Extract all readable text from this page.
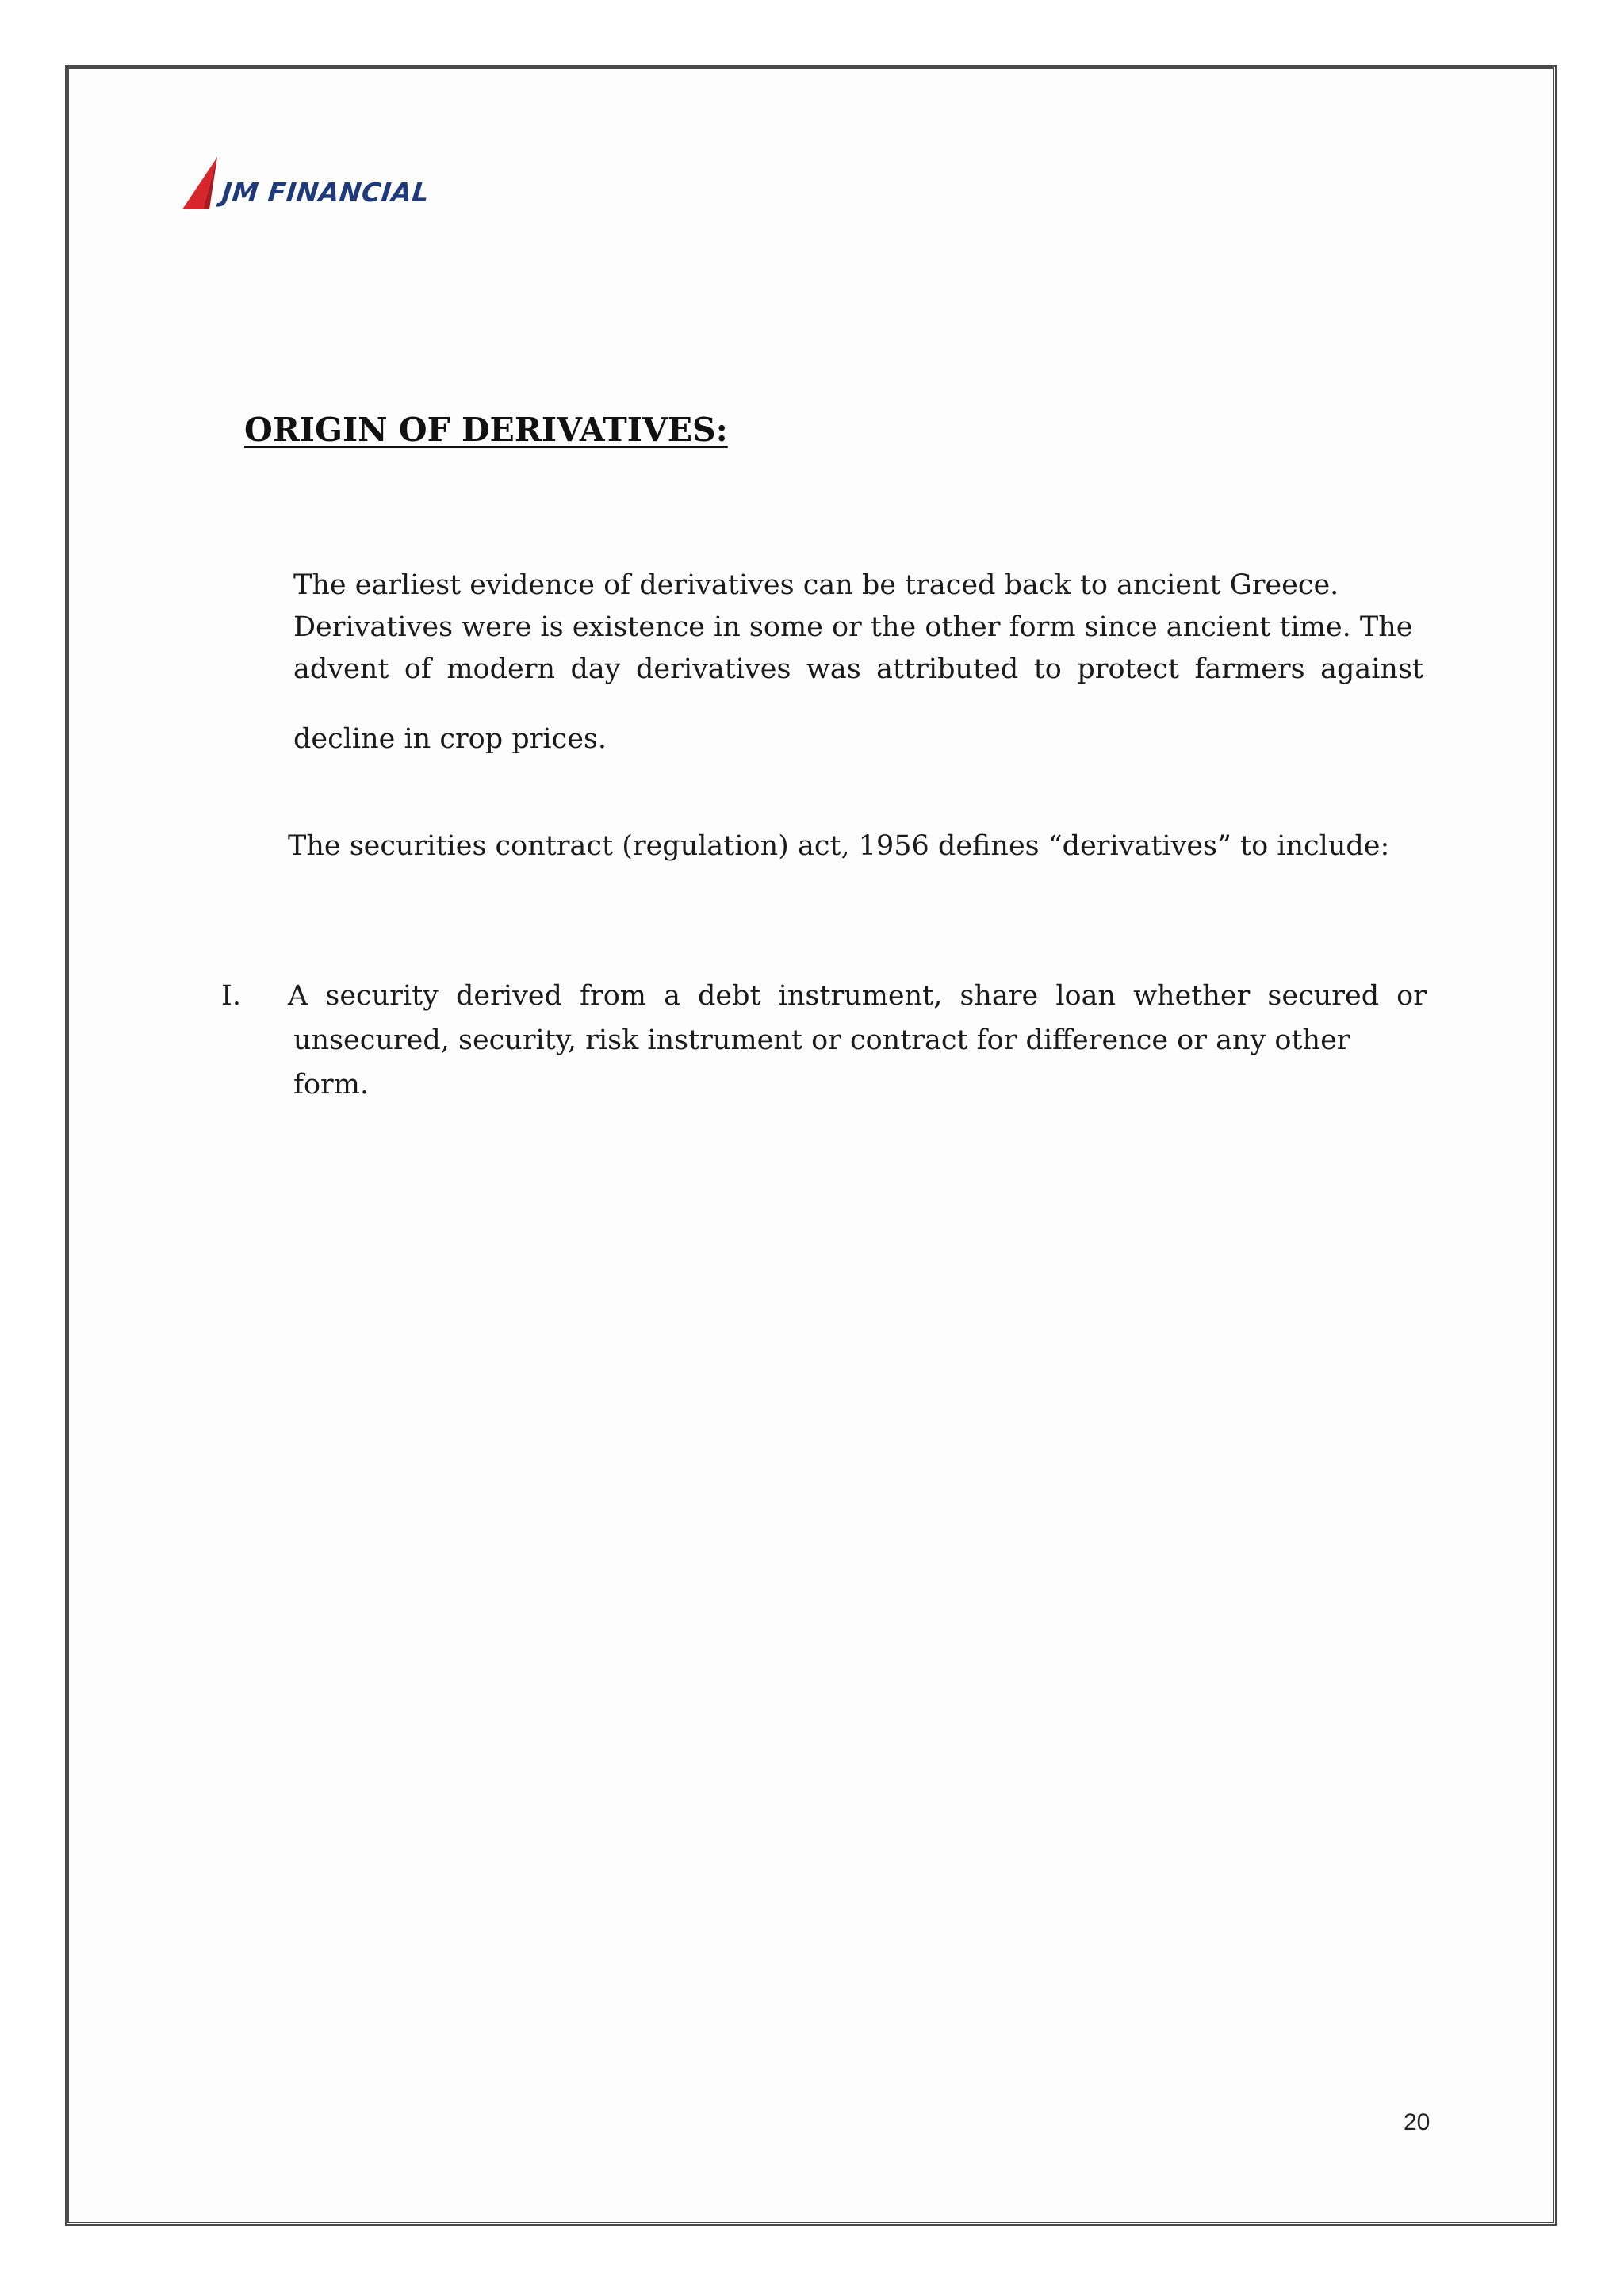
JM FINANCIAL
ORIGIN OF DERIVATIVES:
The earliest evidence of derivatives can be traced back to ancient Greece.
Derivatives were is existence in some or the other form since ancient time. The
advent of modern day derivatives was attributed to protect farmers against
decline in crop prices.

The securities contract (regulation) act, 1956 defines “derivatives” to include:

I. A security derived from a debt instrument, share loan whether secured or
unsecured, security, risk instrument or contract for difference or any other form.
20
